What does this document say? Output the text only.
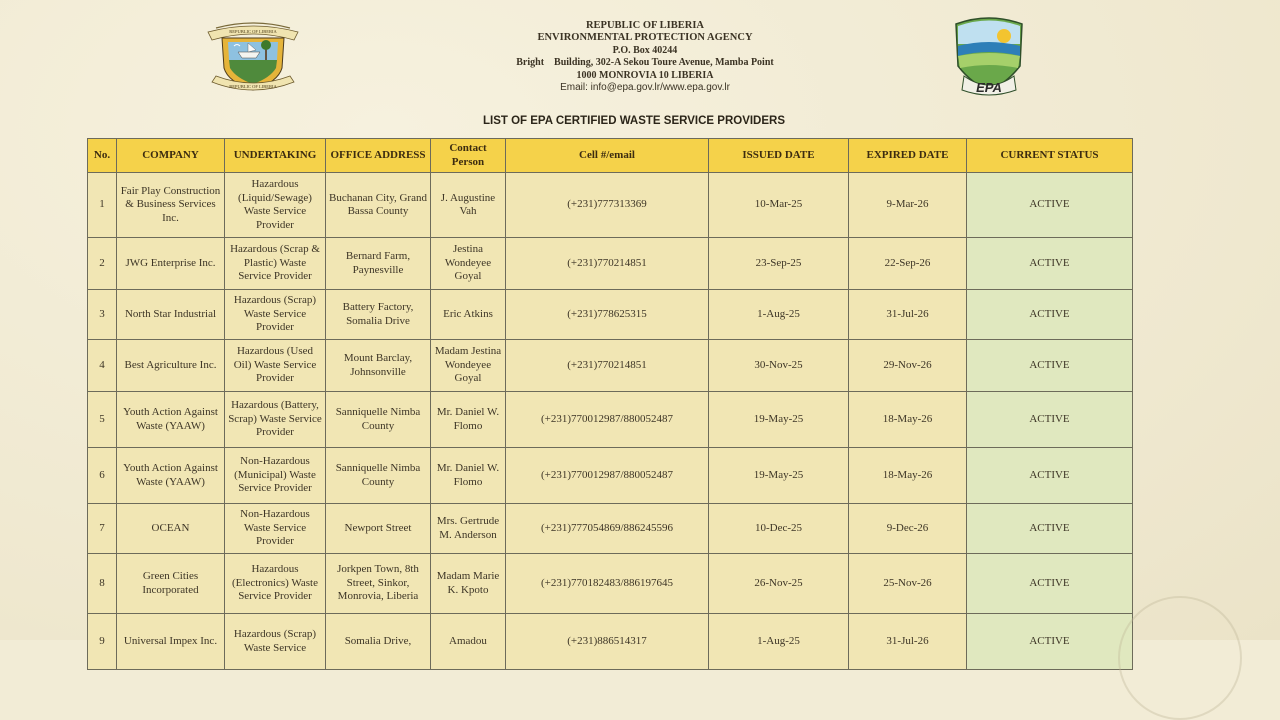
REPUBLIC OF LIBERIA
REPUBLIC OF LIBERIA
REPUBLIC OF LIBERIA
ENVIRONMENTAL PROTECTION AGENCY
P.O. Box 40244
Bright    Building, 302-A Sekou Toure Avenue, Mamba Point
1000 MONROVIA 10 LIBERIA
Email: info@epa.gov.lr/www.epa.gov.lr	EPA
LIST OF EPA CERTIFIED WASTE SERVICE PROVIDERS
No.	COMPANY	UNDERTAKING	OFFICE ADDRESS	Contact Person	Cell #/email	ISSUED DATE	EXPIRED DATE	CURRENT STATUS
1	Fair Play Construction & Business Services Inc.	Hazardous (Liquid/Sewage) Waste Service Provider	Buchanan City, Grand Bassa County	J. Augustine Vah	(+231)777313369	10-Mar-25	9-Mar-26	ACTIVE
2	JWG Enterprise Inc.	Hazardous (Scrap & Plastic) Waste Service Provider	Bernard Farm, Paynesville	Jestina Wondeyee Goyal	(+231)770214851	23-Sep-25	22-Sep-26	ACTIVE
3	North Star Industrial	Hazardous (Scrap) Waste Service Provider	Battery Factory, Somalia Drive	Eric Atkins	(+231)778625315	1-Aug-25	31-Jul-26	ACTIVE
4	Best Agriculture Inc.	Hazardous (Used Oil) Waste Service Provider	Mount Barclay, Johnsonville	Madam Jestina Wondeyee Goyal	(+231)770214851	30-Nov-25	29-Nov-26	ACTIVE
5	Youth Action Against Waste (YAAW)	Hazardous (Battery, Scrap) Waste Service Provider	Sanniquelle Nimba County	Mr. Daniel W. Flomo	(+231)770012987/880052487	19-May-25	18-May-26	ACTIVE
6	Youth Action Against Waste (YAAW)	Non-Hazardous (Municipal) Waste Service Provider	Sanniquelle Nimba County	Mr. Daniel W. Flomo	(+231)770012987/880052487	19-May-25	18-May-26	ACTIVE
7	OCEAN	Non-Hazardous Waste Service Provider	Newport Street	Mrs. Gertrude M. Anderson	(+231)777054869/886245596	10-Dec-25	9-Dec-26	ACTIVE
8	Green Cities Incorporated	Hazardous (Electronics) Waste Service Provider	Jorkpen Town, 8th Street, Sinkor, Monrovia, Liberia	Madam Marie K. Kpoto	(+231)770182483/886197645	26-Nov-25	25-Nov-26	ACTIVE
9	Universal Impex Inc.	Hazardous (Scrap) Waste Service	Somalia Drive,	Amadou	(+231)886514317	1-Aug-25	31-Jul-26	ACTIVE
